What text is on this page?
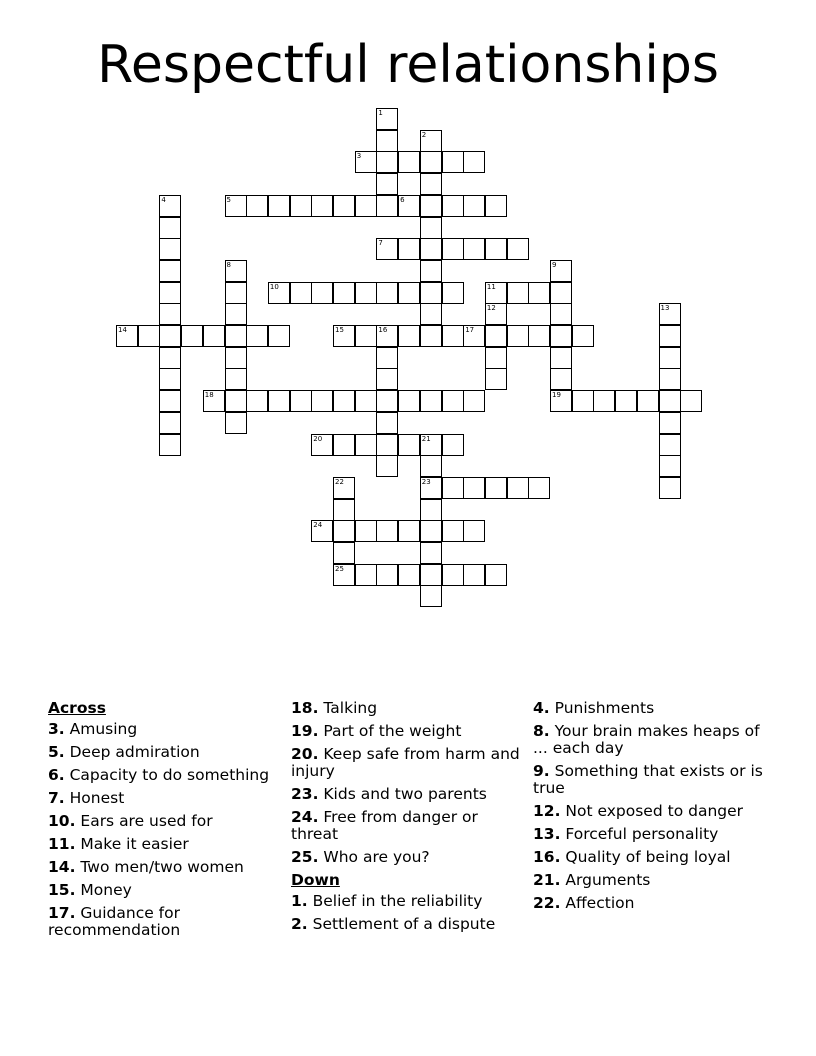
Respectful relationships
3
5	6
7
10	11
14	15	16	17
18	19
20	21
23
24
25
1
2
4
8	9
12	13
22
Across
3. Amusing
5. Deep admiration
6. Capacity to do something
7. Honest
10. Ears are used for
11. Make it easier
14. Two men/two women
15. Money
17. Guidance for recommendation
18. Talking
19. Part of the weight
20. Keep safe from harm and injury
23. Kids and two parents
24. Free from danger or threat
25. Who are you?
Down
1. Belief in the reliability
2. Settlement of a dispute
4. Punishments
8. Your brain makes heaps of ... each day
9. Something that exists or is true
12. Not exposed to danger
13. Forceful personality
16. Quality of being loyal
21. Arguments
22. Affection
